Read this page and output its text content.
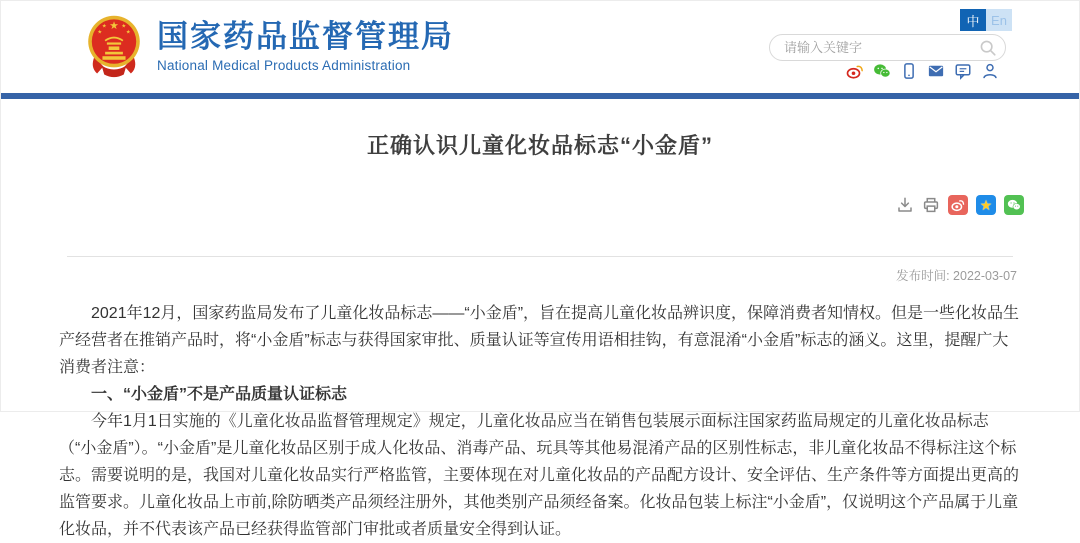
★
★ ★
★	★ 国家药品监督管理局
National Medical Products Administration
中 En
请输入关键字
正确认识儿童化妆品标志“小金盾”
★
发布时间: 2022-03-07

2021年12月，国家药监局发布了儿童化妆品标志——“小金盾”，旨在提高儿童化妆品辨识度，保障消费者知情权。但是一些化妆品生产经营者在推销产品时，将“小金盾”标志与获得国家审批、质量认证等宣传用语相挂钩，有意混淆“小金盾”标志的涵义。这里，提醒广大消费者注意：

一、“小金盾”不是产品质量认证标志

今年1月1日实施的《儿童化妆品监督管理规定》规定，儿童化妆品应当在销售包装展示面标注国家药监局规定的儿童化妆品标志（“小金盾”）。“小金盾”是儿童化妆品区别于成人化妆品、消毒产品、玩具等其他易混淆产品的区别性标志，非儿童化妆品不得标注这个标志。需要说明的是，我国对儿童化妆品实行严格监管，主要体现在对儿童化妆品的产品配方设计、安全评估、生产条件等方面提出更高的监管要求。儿童化妆品上市前,除防晒类产品须经注册外，其他类别产品须经备案。化妆品包装上标注“小金盾”，仅说明这个产品属于儿童化妆品，并不代表该产品已经获得监管部门审批或者质量安全得到认证。
